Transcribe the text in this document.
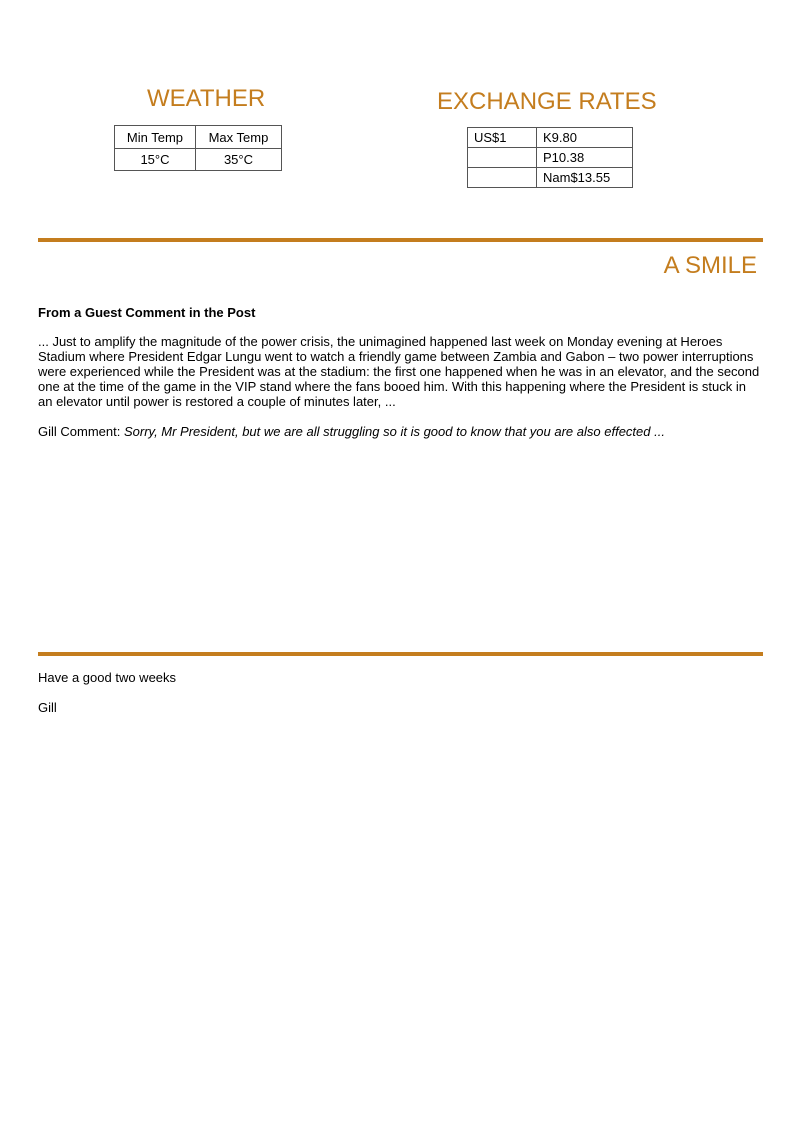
WEATHER
Min Temp	Max Temp
15°C	35°C
EXCHANGE RATES
US$1	K9.80
	P10.38
	Nam$13.55
A SMILE

From a Guest Comment in the Post

... Just to amplify the magnitude of the power crisis, the unimagined happened last week on Monday evening at Heroes Stadium where President Edgar Lungu went to watch a friendly game between Zambia and Gabon – two power interruptions were experienced while the President was at the stadium: the first one happened when he was in an elevator, and the second one at the time of the game in the VIP stand where the fans booed him. With this happening where the President is stuck in an elevator until power is restored a couple of minutes later, ...

Gill Comment: Sorry, Mr President, but we are all struggling so it is good to know that you are also effected ...

Have a good two weeks

Gill
